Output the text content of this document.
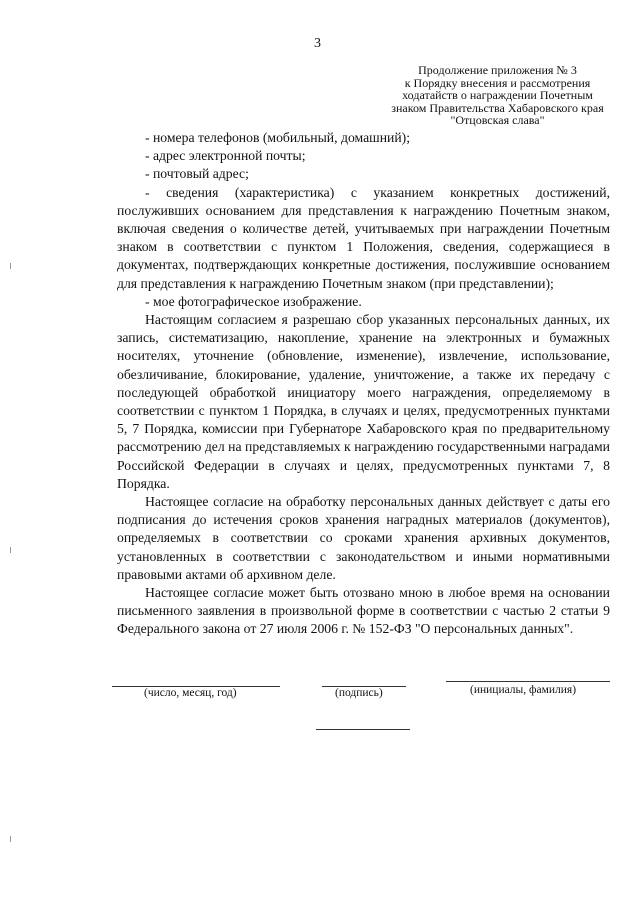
3
Продолжение приложения № 3
к Порядку внесения и рассмотрения
ходатайств о награждении Почетным
знаком Правительства Хабаровского края
"Отцовская слава"

- номера телефонов (мобильный, домашний);

- адрес электронной почты;

- почтовый адрес;

- сведения (характеристика) с указанием конкретных достижений, послуживших основанием для представления к награждению Почетным знаком, включая сведения о количестве детей, учитываемых при награждении Почетным знаком в соответствии с пунктом 1 Положения, сведения, содержащиеся в документах, подтверждающих конкретные достижения, послужившие основанием для представления к награждению Почетным знаком (при представлении);

- мое фотографическое изображение.

Настоящим согласием я разрешаю сбор указанных персональных данных, их запись, систематизацию, накопление, хранение на электронных и бумажных носителях, уточнение (обновление, изменение), извлечение, использование, обезличивание, блокирование, удаление, уничтожение, а также их передачу с последующей обработкой инициатору моего награждения, определяемому в соответствии с пунктом 1 Порядка, в случаях и целях, предусмотренных пунктами 5, 7 Порядка, комиссии при Губернаторе Хабаровского края по предварительному рассмотрению дел на представляемых к награждению государственными наградами Российской Федерации в случаях и целях, предусмотренных пунктами 7, 8 Порядка.

Настоящее согласие на обработку персональных данных действует с даты его подписания до истечения сроков хранения наградных материалов (документов), определяемых в соответствии со сроками хранения архивных документов, установленных в соответствии с законодательством и иными нормативными правовыми актами об архивном деле.

Настоящее согласие может быть отозвано мною в любое время на основании письменного заявления в произвольной форме в соответствии с частью 2 статьи 9 Федерального закона от 27 июля 2006 г. № 152-ФЗ "О персональных данных".

(число, месяц, год)	(подпись)	(инициалы, фамилия)
